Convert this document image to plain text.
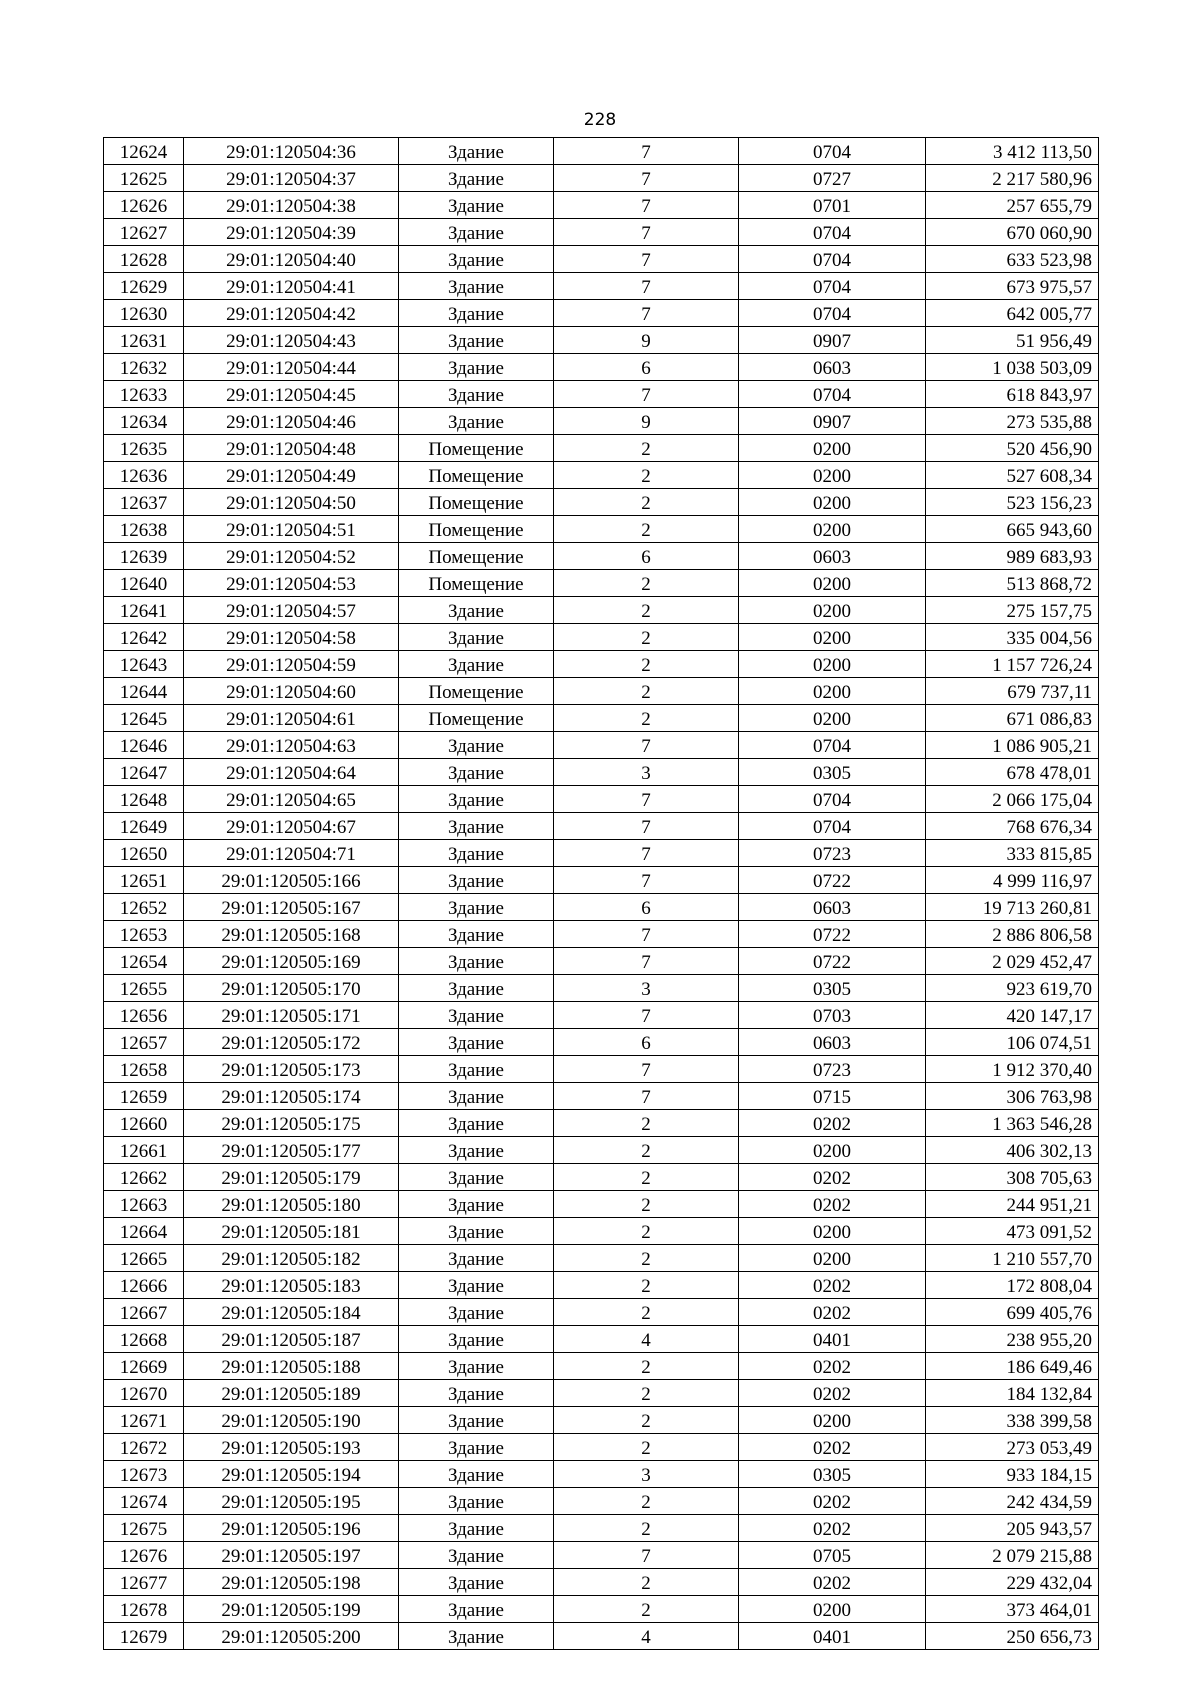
228
12624	29:01:120504:36	Здание	7	0704	3 412 113,50
12625	29:01:120504:37	Здание	7	0727	2 217 580,96
12626	29:01:120504:38	Здание	7	0701	257 655,79
12627	29:01:120504:39	Здание	7	0704	670 060,90
12628	29:01:120504:40	Здание	7	0704	633 523,98
12629	29:01:120504:41	Здание	7	0704	673 975,57
12630	29:01:120504:42	Здание	7	0704	642 005,77
12631	29:01:120504:43	Здание	9	0907	51 956,49
12632	29:01:120504:44	Здание	6	0603	1 038 503,09
12633	29:01:120504:45	Здание	7	0704	618 843,97
12634	29:01:120504:46	Здание	9	0907	273 535,88
12635	29:01:120504:48	Помещение	2	0200	520 456,90
12636	29:01:120504:49	Помещение	2	0200	527 608,34
12637	29:01:120504:50	Помещение	2	0200	523 156,23
12638	29:01:120504:51	Помещение	2	0200	665 943,60
12639	29:01:120504:52	Помещение	6	0603	989 683,93
12640	29:01:120504:53	Помещение	2	0200	513 868,72
12641	29:01:120504:57	Здание	2	0200	275 157,75
12642	29:01:120504:58	Здание	2	0200	335 004,56
12643	29:01:120504:59	Здание	2	0200	1 157 726,24
12644	29:01:120504:60	Помещение	2	0200	679 737,11
12645	29:01:120504:61	Помещение	2	0200	671 086,83
12646	29:01:120504:63	Здание	7	0704	1 086 905,21
12647	29:01:120504:64	Здание	3	0305	678 478,01
12648	29:01:120504:65	Здание	7	0704	2 066 175,04
12649	29:01:120504:67	Здание	7	0704	768 676,34
12650	29:01:120504:71	Здание	7	0723	333 815,85
12651	29:01:120505:166	Здание	7	0722	4 999 116,97
12652	29:01:120505:167	Здание	6	0603	19 713 260,81
12653	29:01:120505:168	Здание	7	0722	2 886 806,58
12654	29:01:120505:169	Здание	7	0722	2 029 452,47
12655	29:01:120505:170	Здание	3	0305	923 619,70
12656	29:01:120505:171	Здание	7	0703	420 147,17
12657	29:01:120505:172	Здание	6	0603	106 074,51
12658	29:01:120505:173	Здание	7	0723	1 912 370,40
12659	29:01:120505:174	Здание	7	0715	306 763,98
12660	29:01:120505:175	Здание	2	0202	1 363 546,28
12661	29:01:120505:177	Здание	2	0200	406 302,13
12662	29:01:120505:179	Здание	2	0202	308 705,63
12663	29:01:120505:180	Здание	2	0202	244 951,21
12664	29:01:120505:181	Здание	2	0200	473 091,52
12665	29:01:120505:182	Здание	2	0200	1 210 557,70
12666	29:01:120505:183	Здание	2	0202	172 808,04
12667	29:01:120505:184	Здание	2	0202	699 405,76
12668	29:01:120505:187	Здание	4	0401	238 955,20
12669	29:01:120505:188	Здание	2	0202	186 649,46
12670	29:01:120505:189	Здание	2	0202	184 132,84
12671	29:01:120505:190	Здание	2	0200	338 399,58
12672	29:01:120505:193	Здание	2	0202	273 053,49
12673	29:01:120505:194	Здание	3	0305	933 184,15
12674	29:01:120505:195	Здание	2	0202	242 434,59
12675	29:01:120505:196	Здание	2	0202	205 943,57
12676	29:01:120505:197	Здание	7	0705	2 079 215,88
12677	29:01:120505:198	Здание	2	0202	229 432,04
12678	29:01:120505:199	Здание	2	0200	373 464,01
12679	29:01:120505:200	Здание	4	0401	250 656,73
